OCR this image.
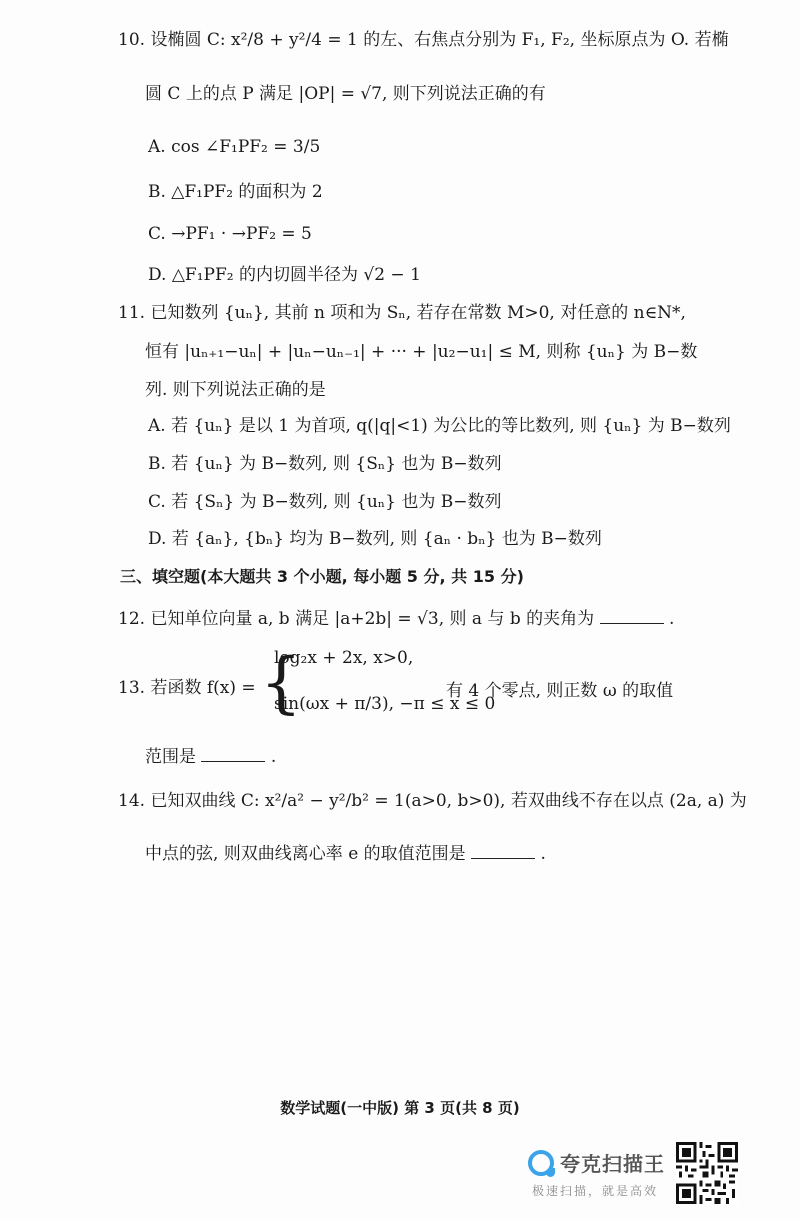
10. 设椭圆 C: x²/8 + y²/4 = 1 的左、右焦点分别为 F₁, F₂, 坐标原点为 O. 若椭
圆 C 上的点 P 满足 |OP| = √7, 则下列说法正确的有
A. cos ∠F₁PF₂ = 3/5
B. △F₁PF₂ 的面积为 2
C. →PF₁ · →PF₂ = 5
D. △F₁PF₂ 的内切圆半径为 √2 − 1
11. 已知数列 {uₙ}, 其前 n 项和为 Sₙ, 若存在常数 M>0, 对任意的 n∈N*,
恒有 |uₙ₊₁−uₙ| + |uₙ−uₙ₋₁| + ··· + |u₂−u₁| ≤ M, 则称 {uₙ} 为 B−数
列. 则下列说法正确的是
A. 若 {uₙ} 是以 1 为首项, q(|q|<1) 为公比的等比数列, 则 {uₙ} 为 B−数列
B. 若 {uₙ} 为 B−数列, 则 {Sₙ} 也为 B−数列
C. 若 {Sₙ} 为 B−数列, 则 {uₙ} 也为 B−数列
D. 若 {aₙ}, {bₙ} 均为 B−数列, 则 {aₙ · bₙ} 也为 B−数列
三、填空题(本大题共 3 个小题, 每小题 5 分, 共 15 分)
12. 已知单位向量 a, b 满足 |a+2b| = √3, 则 a 与 b 的夹角为	.
13. 若函数 f(x) = {
log₂x + 2x, x>0,
sin(ωx + π/3), −π ≤ x ≤ 0
有 4 个零点, 则正数 ω 的取值
范围是	.
14. 已知双曲线 C: x²/a² − y²/b² = 1(a>0, b>0), 若双曲线不存在以点 (2a, a) 为
中点的弦, 则双曲线离心率 e 的取值范围是	.
数学试题(一中版) 第 3 页(共 8 页)
夸克扫描王
极速扫描，就是高效
